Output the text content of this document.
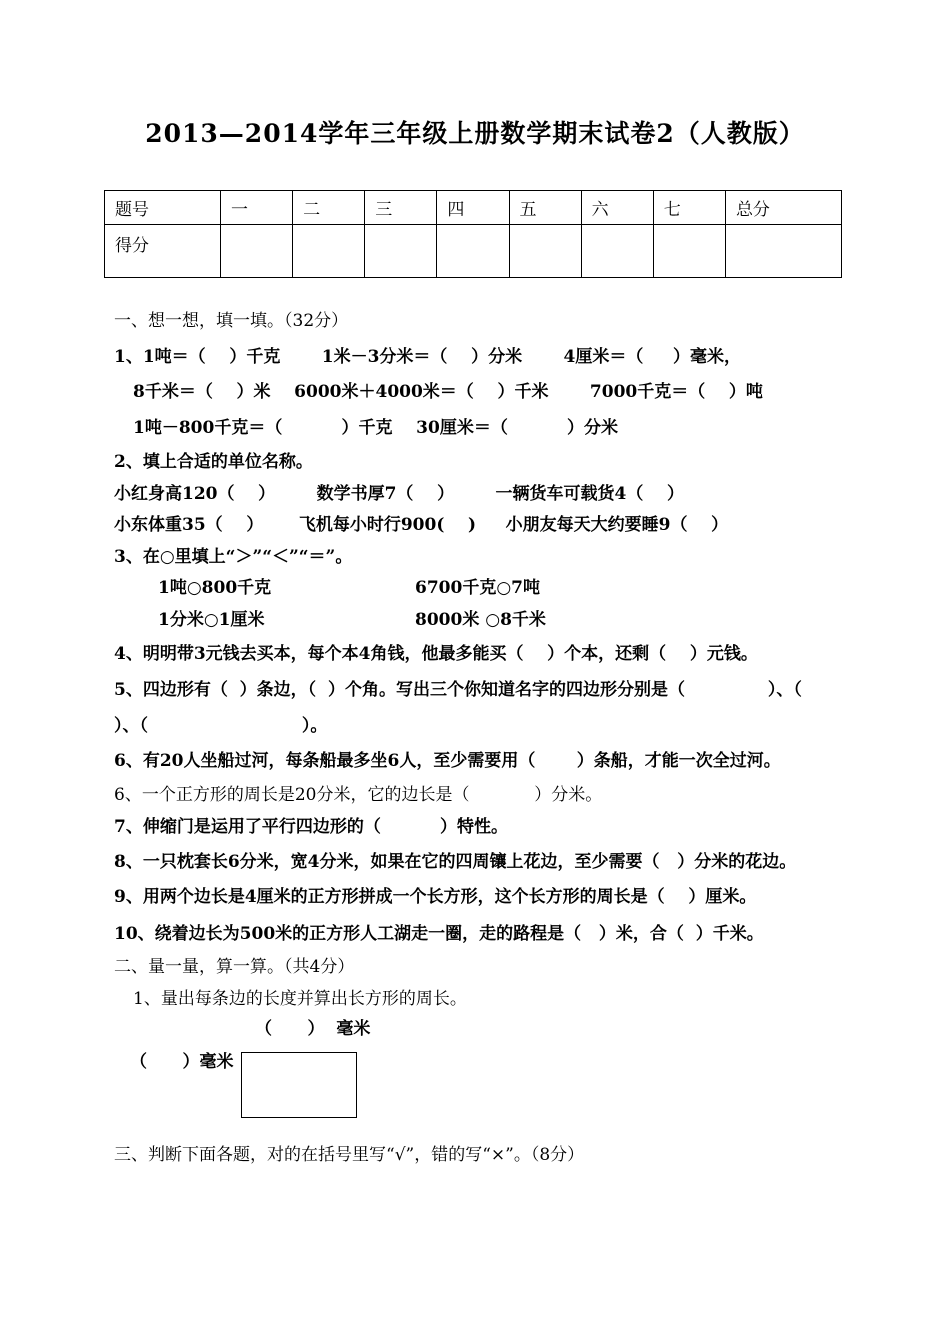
2013—2014学年三年级上册数学期末试卷2（人教版）
题号	一	二	三	四	五	六	七	总分
得分								
一、想一想，填一填。（32分）
1、1吨＝（    ）千克       1米－3分米＝（    ）分米       4厘米＝（     ）毫米，
8千米＝（    ）米    6000米＋4000米＝（    ）千米       7000千克＝（    ）吨
1吨－800千克＝（          ）千克    30厘米＝（          ）分米
2、填上合适的单位名称。
小红身高120（    ）       数学书厚7（    ）       一辆货车可载货4（    ）
小东体重35（    ）      飞机每小时行900(    )     小朋友每天大约要睡9（    ）
3、在○里填上“＞”“＜”“＝”。
1吨○800千克	6700千克○7吨
1分米○1厘米	8000米 ○8千米
4、明明带3元钱去买本，每个本4角钱，他最多能买（    ）个本，还剩（    ）元钱。
5、四边形有（  ）条边，（  ）个角。写出三个你知道名字的四边形分别是（              ）、（
）、（                          ）。
6、有20人坐船过河，每条船最多坐6人，至少需要用（       ）条船，才能一次全过河。
6、一个正方形的周长是20分米，它的边长是（            ）分米。
7、伸缩门是运用了平行四边形的（          ）特性。
8、一只枕套长6分米，宽4分米，如果在它的四周镶上花边，至少需要（   ）分米的花边。
9、用两个边长是4厘米的正方形拼成一个长方形，这个长方形的周长是（    ）厘米。
10、绕着边长为500米的正方形人工湖走一圈，走的路程是（   ）米，合（  ）千米。
二、量一量，算一算。（共4分）
1、量出每条边的长度并算出长方形的周长。
（      ）  毫米
（      ）毫米
三、判断下面各题，对的在括号里写“√”，错的写“×”。（8分）
